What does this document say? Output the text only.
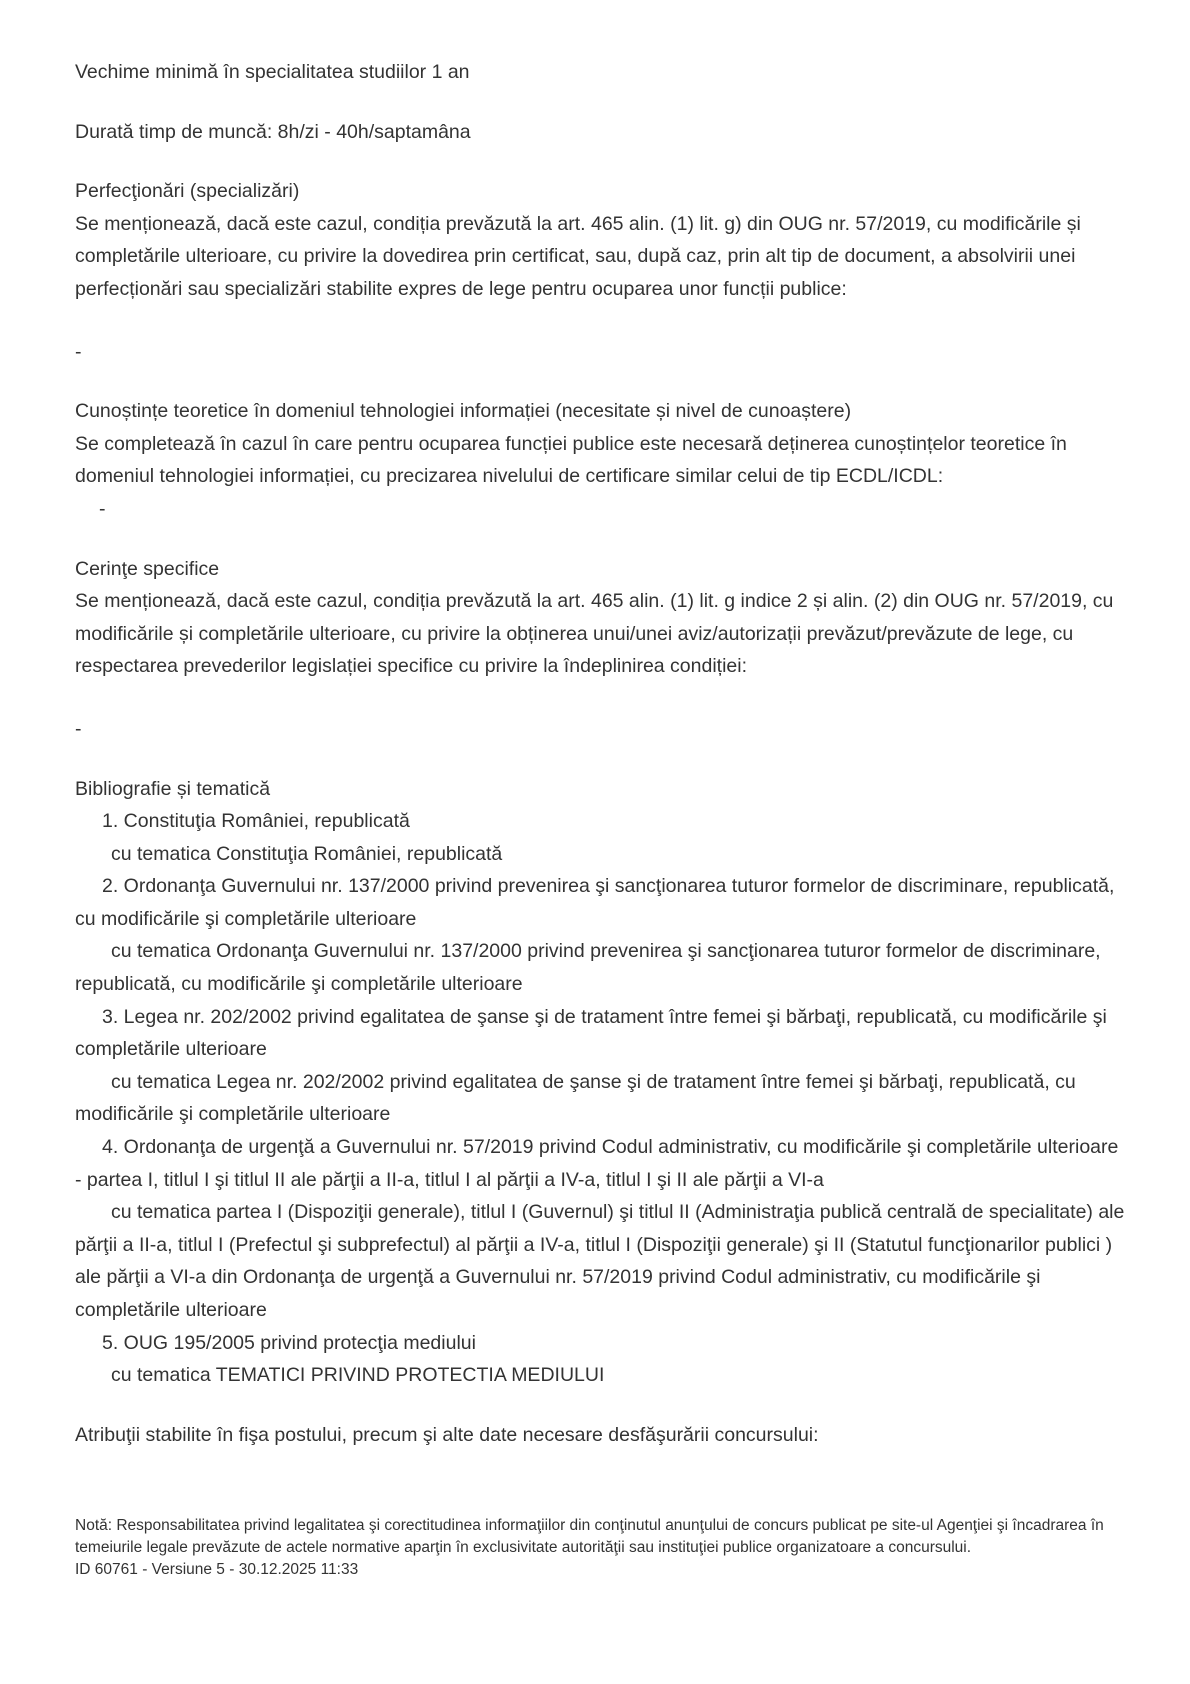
Vechime minimă în specialitatea studiilor 1 an

Durată timp de muncă: 8h/zi - 40h/saptamâna

Perfecţionări (specializări)

Se menționează, dacă este cazul, condiția prevăzută la art. 465 alin. (1) lit. g) din OUG nr. 57/2019, cu modificările și completările ulterioare, cu privire la dovedirea prin certificat, sau, după caz, prin alt tip de document, a absolvirii unei perfecționări sau specializări stabilite expres de lege pentru ocuparea unor funcții publice:

-

Cunoștințe teoretice în domeniul tehnologiei informației (necesitate și nivel de cunoaștere)

Se completează în cazul în care pentru ocuparea funcției publice este necesară deținerea cunoștințelor teoretice în domeniul tehnologiei informației, cu precizarea nivelului de certificare similar celui de tip ECDL/ICDL:

-

Cerinţe specifice

Se menționează, dacă este cazul, condiția prevăzută la art. 465 alin. (1) lit. g indice 2 și alin. (2) din OUG nr. 57/2019, cu modificările și completările ulterioare, cu privire la obținerea unui/unei aviz/autorizații prevăzut/prevăzute de lege, cu respectarea prevederilor legislației specifice cu privire la îndeplinirea condiției:

-

Bibliografie și tematică

1. Constituţia României, republicată

cu tematica Constituţia României, republicată

2. Ordonanţa Guvernului nr. 137/2000 privind prevenirea şi sancţionarea tuturor formelor de discriminare, republicată, cu modificările şi completările ulterioare

cu tematica Ordonanţa Guvernului nr. 137/2000 privind prevenirea şi sancţionarea tuturor formelor de discriminare, republicată, cu modificările şi completările ulterioare

3. Legea nr. 202/2002 privind egalitatea de şanse şi de tratament între femei şi bărbaţi, republicată, cu modificările şi completările ulterioare

cu tematica Legea nr. 202/2002 privind egalitatea de şanse şi de tratament între femei şi bărbaţi, republicată, cu modificările şi completările ulterioare

4. Ordonanţa de urgenţă a Guvernului nr. 57/2019 privind Codul administrativ, cu modificările şi completările ulterioare - partea I, titlul I şi titlul II ale părţii a II-a, titlul I al părţii a IV-a, titlul I şi II ale părţii a VI-a

cu tematica partea I (Dispoziţii generale), titlul I (Guvernul) şi titlul II (Administraţia publică centrală de specialitate) ale părţii a II-a, titlul I (Prefectul şi subprefectul) al părţii a IV-a, titlul I (Dispoziţii generale) şi II (Statutul funcţionarilor publici ) ale părţii a VI-a din Ordonanţa de urgenţă a Guvernului nr. 57/2019 privind Codul administrativ, cu modificările şi completările ulterioare

5. OUG 195/2005 privind protecţia mediului

cu tematica TEMATICI PRIVIND PROTECTIA MEDIULUI

Atribuţii stabilite în fişa postului, precum şi alte date necesare desfăşurării concursului:

Notă: Responsabilitatea privind legalitatea şi corectitudinea informaţiilor din conţinutul anunţului de concurs publicat pe site-ul Agenţiei şi încadrarea în temeiurile legale prevăzute de actele normative aparţin în exclusivitate autorităţii sau instituţiei publice organizatoare a concursului.

ID 60761 - Versiune 5 - 30.12.2025 11:33
